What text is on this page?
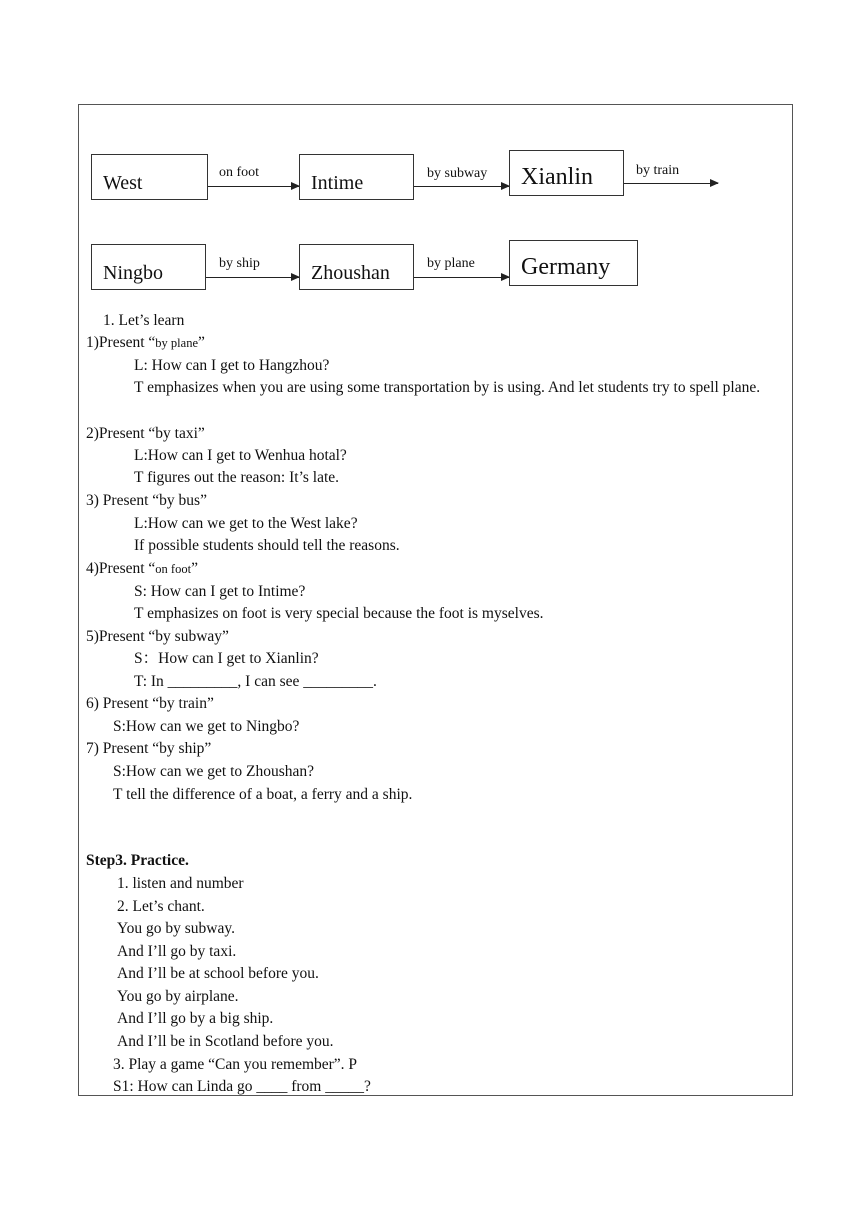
West	on foot	Intime	by subway Xianlin	by train
Ningbo	by ship	Zhoushan	by plane Germany
1. Let’s learn
1)Present “by plane”
L: How can I get to Hangzhou?
T emphasizes when you are using some transportation by is using. And let students try to spell plane.
2)Present “by taxi”
L:How can I get to Wenhua hotal?
T figures out the reason: It’s late.
3) Present “by bus”
L:How can we get to the West lake?
If possible students should tell the reasons.
4)Present “on foot”
S: How can I get to Intime?
T emphasizes on foot is very special because the foot is myselves.
5)Present “by subway”
S：How can I get to Xianlin?
T: In _________, I can see _________.
6) Present “by train”
S:How can we get to Ningbo?
7) Present “by ship”
S:How can we get to Zhoushan?
T tell the difference of a boat, a ferry and a ship.
Step3. Practice.
1. listen and number
2. Let’s chant.
You go by subway.
And I’ll go by taxi.
And I’ll be at school before you.
You go by airplane.
And I’ll go by a big ship.
And I’ll be in Scotland before you.
3. Play a game “Can you remember”. P
S1: How can Linda go ____ from _____?
